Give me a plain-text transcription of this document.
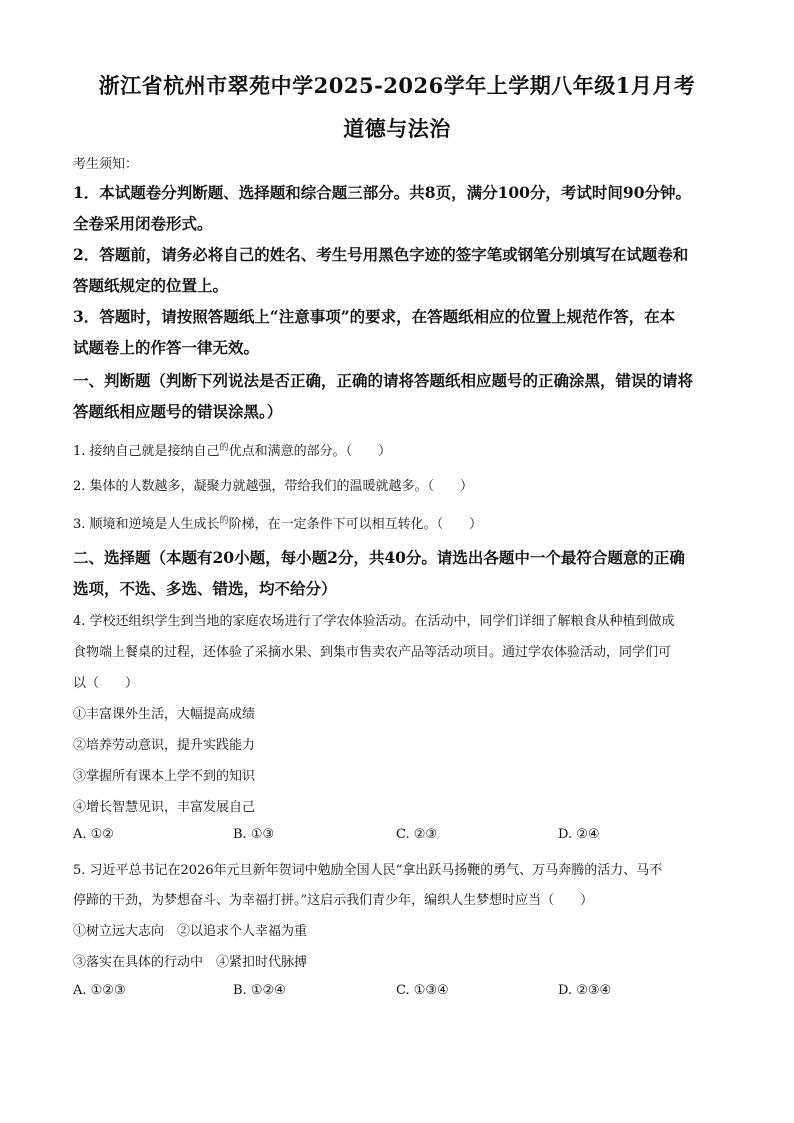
浙江省杭州市翠苑中学2025-2026学年上学期八年级1月月考
道德与法治
考生须知：
1．本试题卷分判断题、选择题和综合题三部分。共8页，满分100分，考试时间90分钟。
全卷采用闭卷形式。
2．答题前，请务必将自己的姓名、考生号用黑色字迹的签字笔或钢笔分别填写在试题卷和
答题纸规定的位置上。
3．答题时，请按照答题纸上“注意事项”的要求，在答题纸相应的位置上规范作答，在本
试题卷上的作答一律无效。
一、判断题（判断下列说法是否正确，正确的请将答题纸相应题号的正确涂黑，错误的请将
答题纸相应题号的错误涂黑。）
1. 接纳自己就是接纳自己$^的$优点和满意的部分。（　　）
2. 集体的人数越多，凝聚力就越强，带给我们的温暖就越多。（　　）
3. 顺境和逆境是人生成长$^的$阶梯，在一定条件下可以相互转化。（　　）
二、选择题（本题有20小题，每小题2分，共40分。请选出各题中一个最符合题意的正确
选项，不选、多选、错选，均不给分）
4. 学校还组织学生到当地的家庭农场进行了学农体验活动。在活动中，同学们详细了解粮食从种植到做成
食物端上餐桌的过程，还体验了采摘水果、到集市售卖农产品等活动项目。通过学农体验活动，同学们可
以（　　）
①丰富课外生活，大幅提高成绩
②培养劳动意识，提升实践能力
③掌握所有课本上学不到的知识
④增长智慧见识，丰富发展自己
A. ①②	B. ①③	C. ②③	D. ②④
5. 习近平总书记在2026年元旦新年贺词中勉励全国人民“拿出跃马扬鞭的勇气、万马奔腾的活力、马不
停蹄的干劲，为梦想奋斗、为幸福打拼。”这启示我们青少年，编织人生梦想时应当（　　）
①树立远大志向　②以追求个人幸福为重
③落实在具体的行动中　④紧扣时代脉搏
A. ①②③	B. ①②④	C. ①③④	D. ②③④
